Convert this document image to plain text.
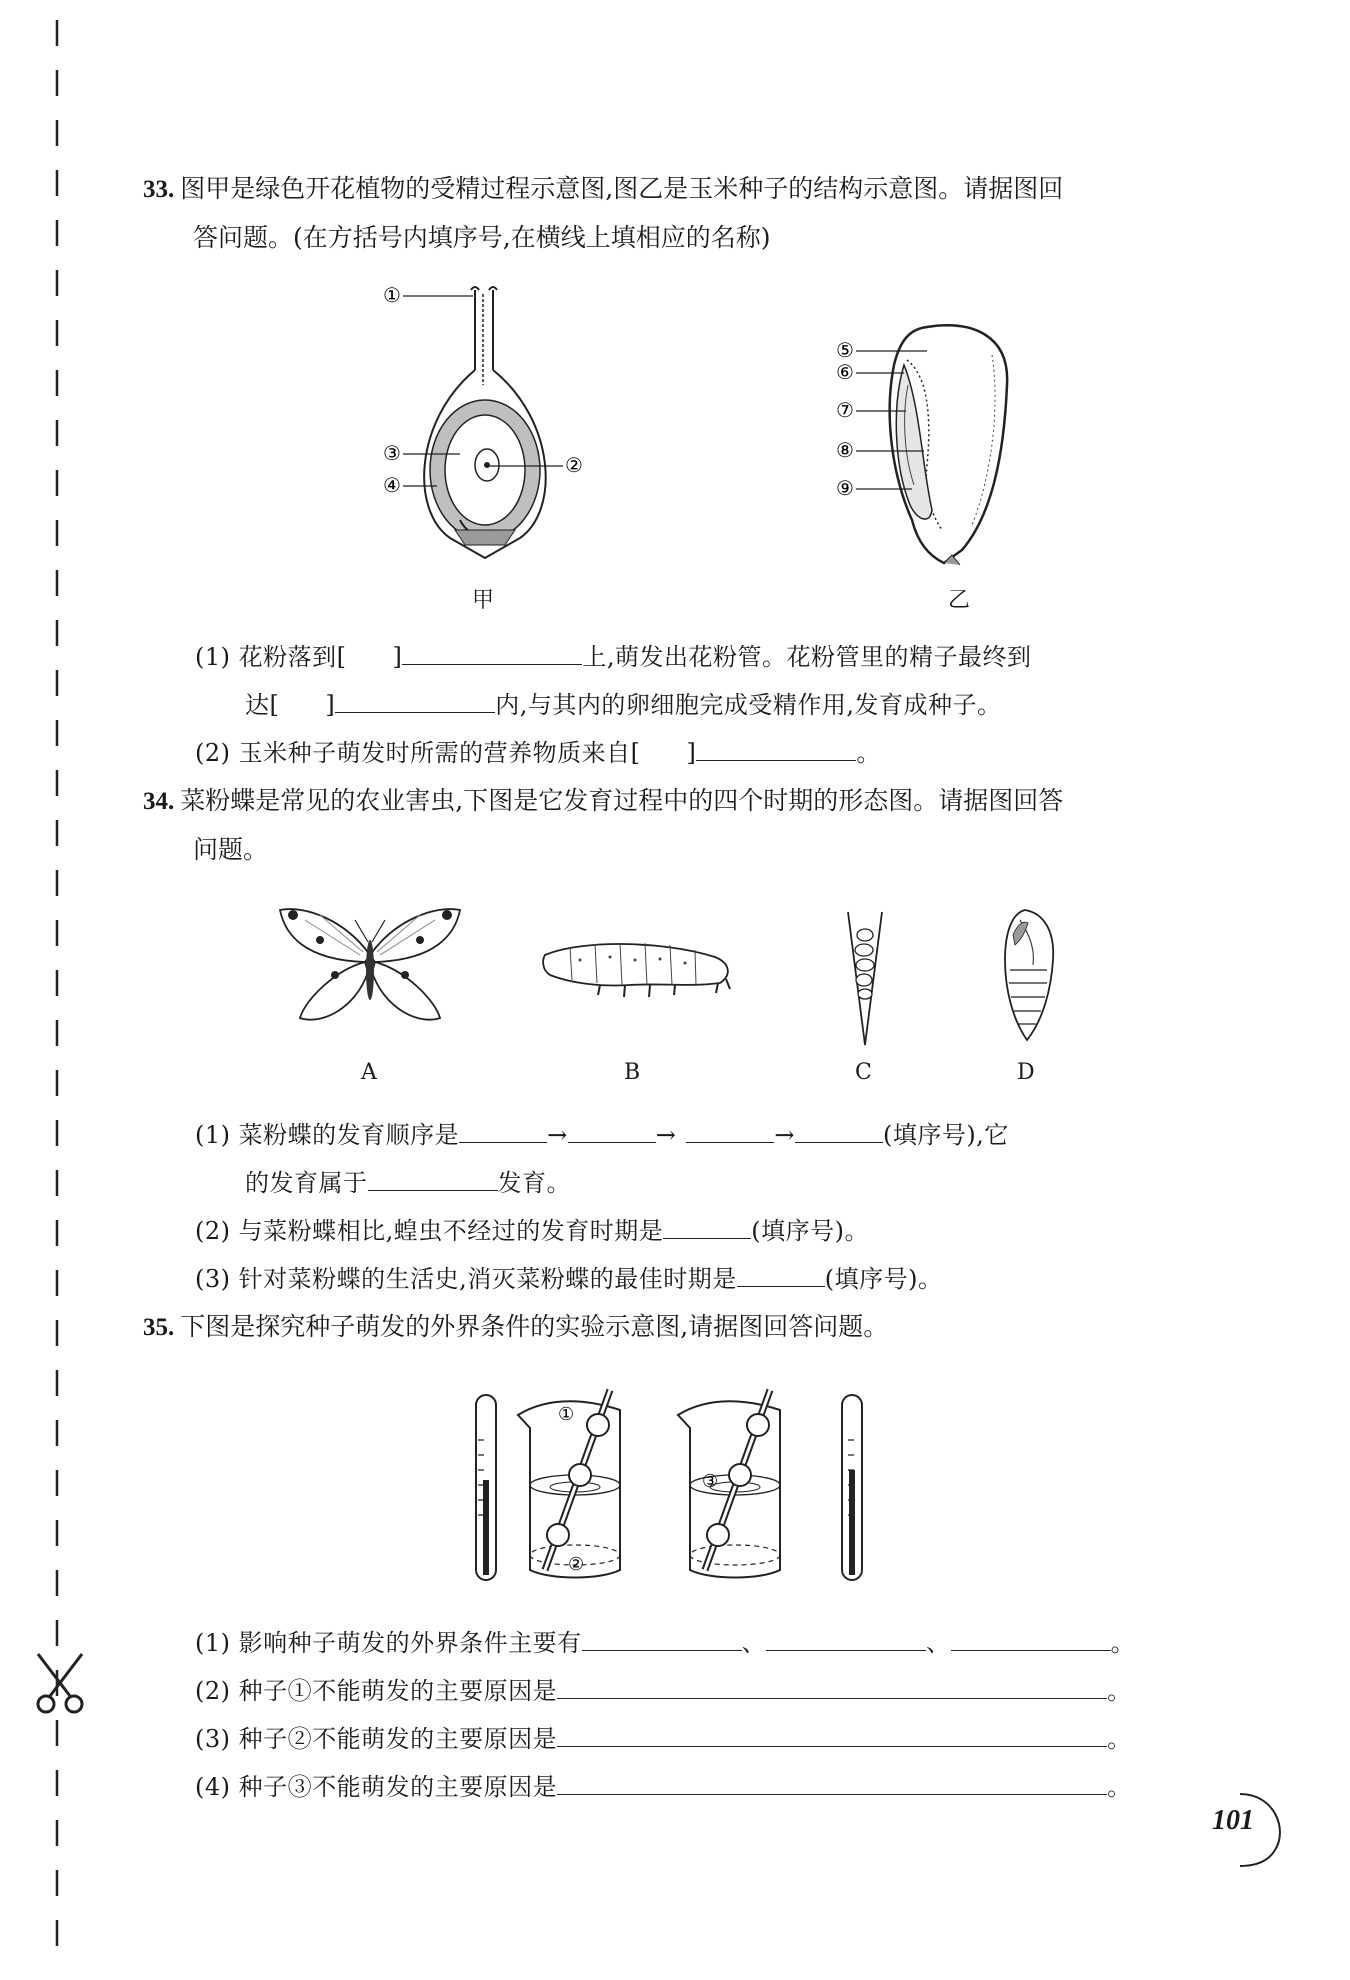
33. 图甲是绿色开花植物的受精过程示意图,图乙是玉米种子的结构示意图。请据图回
答问题。(在方括号内填序号,在横线上填相应的名称)
①
②
③
④
甲
⑤
⑥
⑦
⑧
⑨
乙
(1) 花粉落到[ ]	上,萌发出花粉管。花粉管里的精子最终到
达[ ]	内,与其内的卵细胞完成受精作用,发育成种子。
(2) 玉米种子萌发时所需的营养物质来自[ ]	。
34. 菜粉蝶是常见的农业害虫,下图是它发育过程中的四个时期的形态图。请据图回答
问题。
A	B	C	D
(1) 菜粉蝶的发育顺序是	→	→	→	(填序号),它
的发育属于	发育。
(2) 与菜粉蝶相比,蝗虫不经过的发育时期是	(填序号)。
(3) 针对菜粉蝶的生活史,消灭菜粉蝶的最佳时期是	(填序号)。
35. 下图是探究种子萌发的外界条件的实验示意图,请据图回答问题。
①
②
③
(1) 影响种子萌发的外界条件主要有	、	、	。
(2) 种子①不能萌发的主要原因是	。
(3) 种子②不能萌发的主要原因是	。
(4) 种子③不能萌发的主要原因是	。
101
